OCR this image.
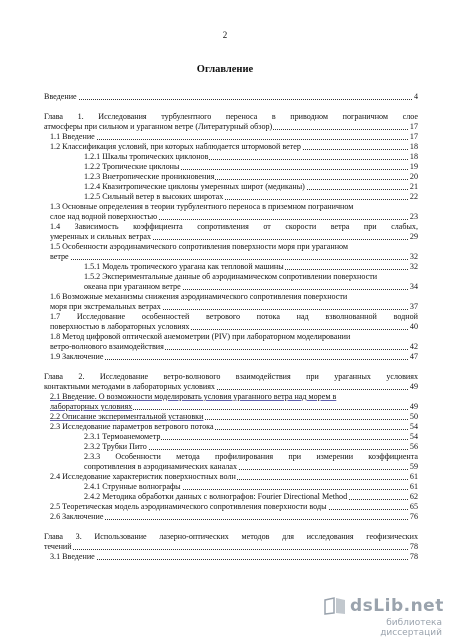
2
Оглавление
4
Введение
Глава 1. Исследования турбулентного переноса в приводном пограничном слое
17
атмосферы при сильном и ураганном ветре (Литературный обзор)
17
1.1 Введение
18
1.2 Классификация условий, при которых наблюдается штормовой ветер
18
1.2.1 Шкалы тропических циклонов
19
1.2.2 Тропические циклоны
20
1.2.3 Внетропические проникновения
21
1.2.4 Квазитропические циклоны умеренных широт (медиканы)
22
1.2.5 Сильный ветер в высоких широтах
1.3 Основные определения в теории турбулентного переноса в приземном пограничном
23
слое над водной поверхностью
1.4 Зависимость коэффициента сопротивления от скорости ветра при слабых,
29
умеренных и сильных ветрах
1.5 Особенности аэродинамического сопротивления поверхности моря при ураганном
32
ветре
32
1.5.1 Модель тропического урагана как тепловой машины
1.5.2 Экспериментальные данные об аэродинамическом сопротивлении поверхности
34
океана при ураганном ветре
1.6 Возможные механизмы снижения аэродинамического сопротивления поверхности
37
моря при экстремальных ветрах
1.7 Исследование особенностей ветрового потока над взволнованной водной
40
поверхностью в лабораторных условиях
1.8 Метод цифровой оптической анемометрии (PIV) при лабораторном моделировании
42
ветро-волнового взаимодействия
47
1.9 Заключение
Глава 2. Исследование ветро-волнового взаимодействия при ураганных условиях
49
контактными методами в лабораторных условиях
2.1 Введение. О возможности моделировать условия ураганного ветра над морем в
49
лабораторных условиях
50
2.2 Описание экспериментальной установки
54
2.3 Исследование параметров ветрового потока
54
2.3.1 Термоанемометр
56
2.3.2 Трубки Пито
2.3.3 Особенности метода профилирования при измерении коэффициента
59
сопротивления в аэродинамических каналах
61
2.4 Исследование характеристик поверхностных волн
61
2.4.1 Струнные волнографы
62
2.4.2 Методика обработки данных с волнографов: Fourier Directional Method
65
2.5 Теоретическая модель аэродинамического сопротивления поверхности воды
76
2.6 Заключение
Глава 3. Использование лазерно-оптических методов для исследования геофизических
78
течений
78
3.1 Введение
dsLib.net
библиотека диссертаций
